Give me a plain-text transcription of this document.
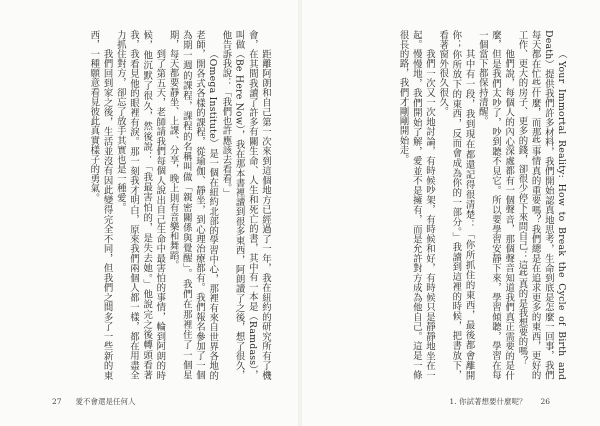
距離阿朗和自己第一次來到這個地方已經過了一年，我在紐約的研究所有了機會，在其間我讀了許多有關生命、人生和死亡的書，其中有一本是（Ramdass），叫做（Be Here Now），我在那本書裡讀到很多東西，阿朗讀了之後，想了很久，他告訴我說：「我們也許應該去看看。」

（Omega Institute）是一個在紐約北部的學習中心，那裡有來自世界各地的老師，開各式各樣的課程，從瑜伽、靜坐，到心理治療都有。我們報名參加了一個為期一週的課程，課程的名稱叫做「親密關係與覺醒」。我們在那裡住了一個星期，每天都要靜坐、上課、分享，晚上則有音樂和舞蹈。

到了第五天，老師請我們每個人說出自己生命中最害怕的事情，輪到阿朗的時候，他沉默了很久，然後說：「我最害怕的，是失去她。」他說完之後轉頭看著我，我看見他的眼裡有淚。那一刻我才明白，原來我們兩個人都一樣，都在用盡全力抓住對方，卻忘了放手其實也是一種愛。

我們回到家之後，生活並沒有因此變得完全不同，但我們之間多了一些新的東西，一種願意看見彼此真實樣子的勇氣。

27 愛不會還是任何人

（Your Immortal Reality: How to Break the Cycle of Birth and Death）提供我們許多材料，我們開始認真地思考，生命到底是怎麼一回事，我們每天都在忙些什麼，而那些事情真的重要嗎？我們總是在追求更多的東西，更好的工作、更大的房子、更多的錢，卻很少停下來問自己：這些真的是我想要的嗎？

他們說，每個人的內心深處都有一個聲音，那個聲音知道我們真正需要的是什麼，但是我們太吵了，吵到聽不見它。所以要學習安靜下來，學習傾聽，學習在每一個當下都保持清醒。

其中有一段，我到現在都還記得很清楚：「你所抓住的東西，最後都會離開你；你所放下的東西，反而會成為你的一部分。」我讀到這裡的時候，把書放下，看著窗外很久很久。

我們一次又一次地討論，有時候吵架，有時候和好，有時候只是靜靜地坐在一起。慢慢地，我們開始了解，愛並不是擁有，而是允許對方成為他自己。這是一條很長的路，我們才剛剛開始走。

1. 你試著想要什麼呢？ 26
